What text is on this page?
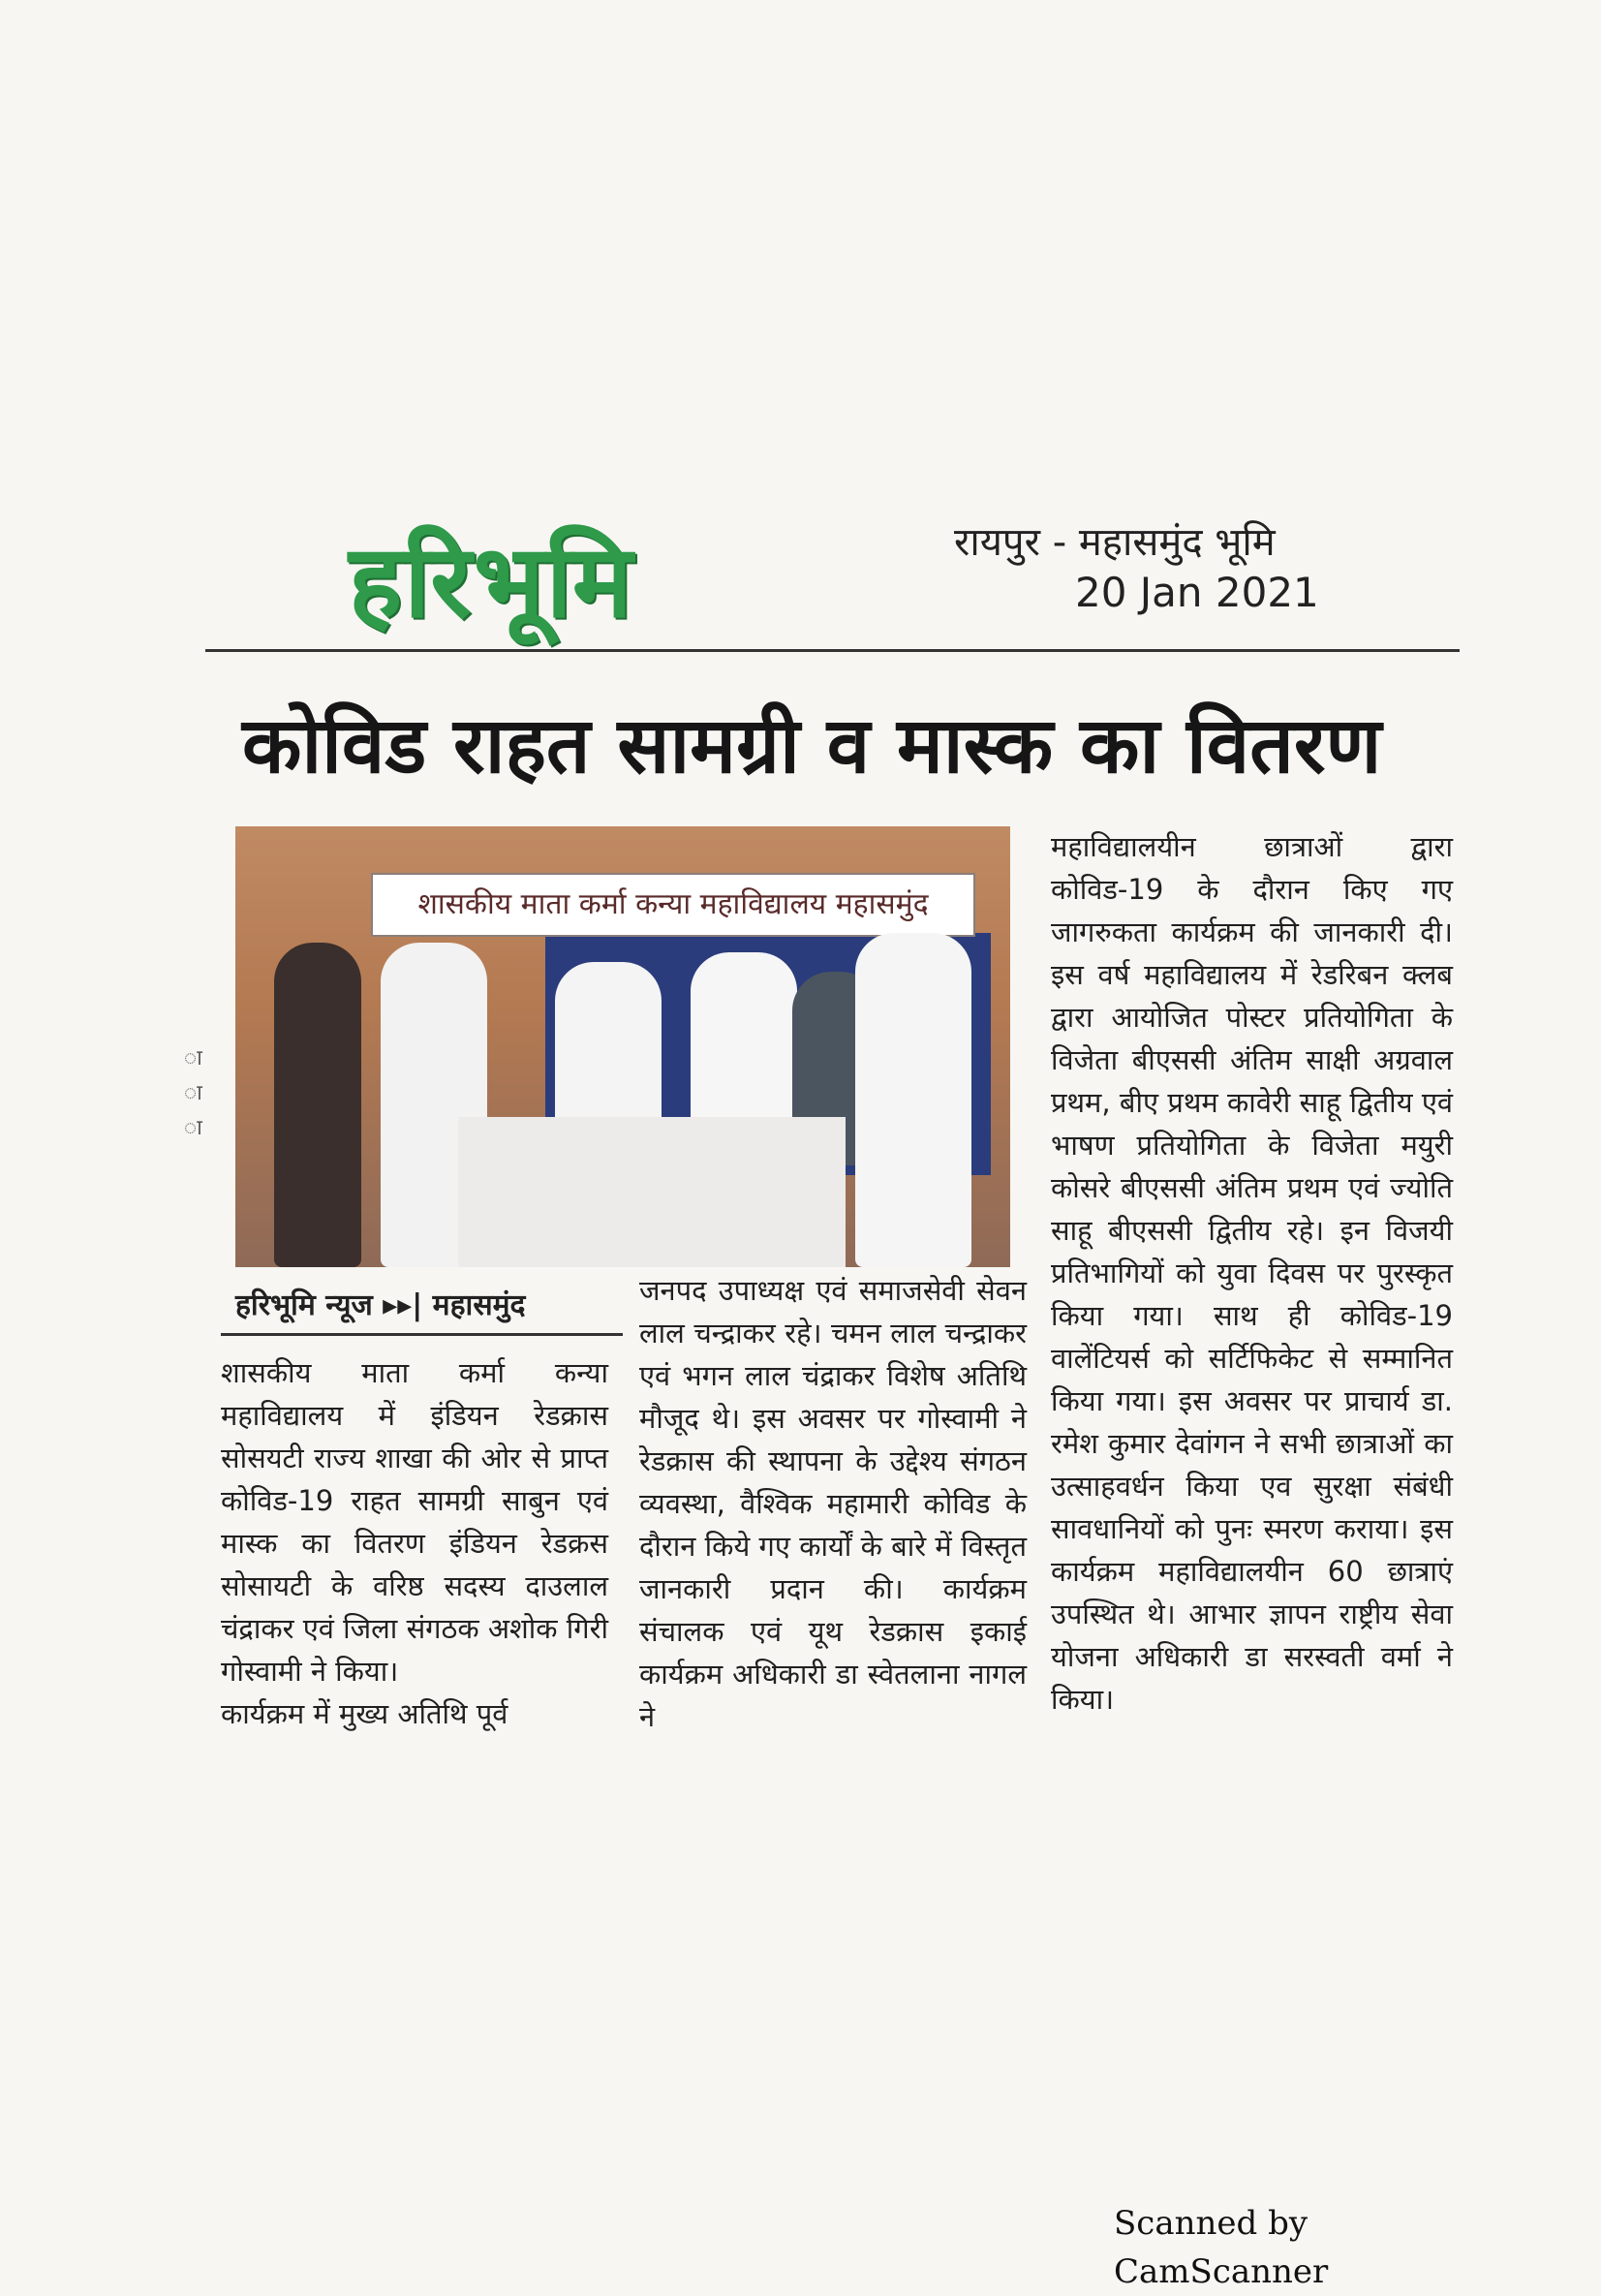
हरिभूमि	रायपुर - महासमुंद भूमि
20 Jan 2021
कोविड राहत सामग्री व मास्क का वितरण
शासकीय माता कर्मा कन्या महाविद्यालय महासमुंद
ा
ा
ा
हरिभूमि न्यूज ▸▸| महासमुंद
शासकीय माता कर्मा कन्या महाविद्यालय में इंडियन रेडक्रास सोसयटी राज्य शाखा की ओर से प्राप्त कोविड-19 राहत सामग्री साबुन एवं मास्क का वितरण इंडियन रेडक्रस सोसायटी के वरिष्ठ सदस्य दाउलाल चंद्राकर एवं जिला संगठक अशोक गिरी गोस्वामी ने किया।
कार्यक्रम में मुख्य अतिथि पूर्व
जनपद उपाध्यक्ष एवं समाजसेवी सेवन लाल चन्द्राकर रहे। चमन लाल चन्द्राकर एवं भगन लाल चंद्राकर विशेष अतिथि मौजूद थे। इस अवसर पर गोस्वामी ने रेडक्रास की स्थापना के उद्देश्य संगठन व्यवस्था, वैश्विक महामारी कोविड के दौरान किये गए कार्यों के बारे में विस्तृत जानकारी प्रदान की। कार्यक्रम संचालक एवं यूथ रेडक्रास इकाई कार्यक्रम अधिकारी डा स्वेतलाना नागल ने
महाविद्यालयीन छात्राओं द्वारा कोविड-19 के दौरान किए गए जागरुकता कार्यक्रम की जानकारी दी। इस वर्ष महाविद्यालय में रेडरिबन क्लब द्वारा आयोजित पोस्टर प्रतियोगिता के विजेता बीएससी अंतिम साक्षी अग्रवाल प्रथम, बीए प्रथम कावेरी साहू द्वितीय एवं भाषण प्रतियोगिता के विजेता मयुरी कोसरे बीएससी अंतिम प्रथम एवं ज्योति साहू बीएससी द्वितीय रहे। इन विजयी प्रतिभागियों को युवा दिवस पर पुरस्कृत किया गया। साथ ही कोविड-19 वालेंटियर्स को सर्टिफिकेट से सम्मानित किया गया। इस अवसर पर प्राचार्य डा. रमेश कुमार देवांगन ने सभी छात्राओं का उत्साहवर्धन किया एव सुरक्षा संबंधी सावधानियों को पुनः स्मरण कराया। इस कार्यक्रम महाविद्यालयीन 60 छात्राएं उपस्थित थे। आभार ज्ञापन राष्ट्रीय सेवा योजना अधिकारी डा सरस्वती वर्मा ने किया।
Scanned by CamScanner
